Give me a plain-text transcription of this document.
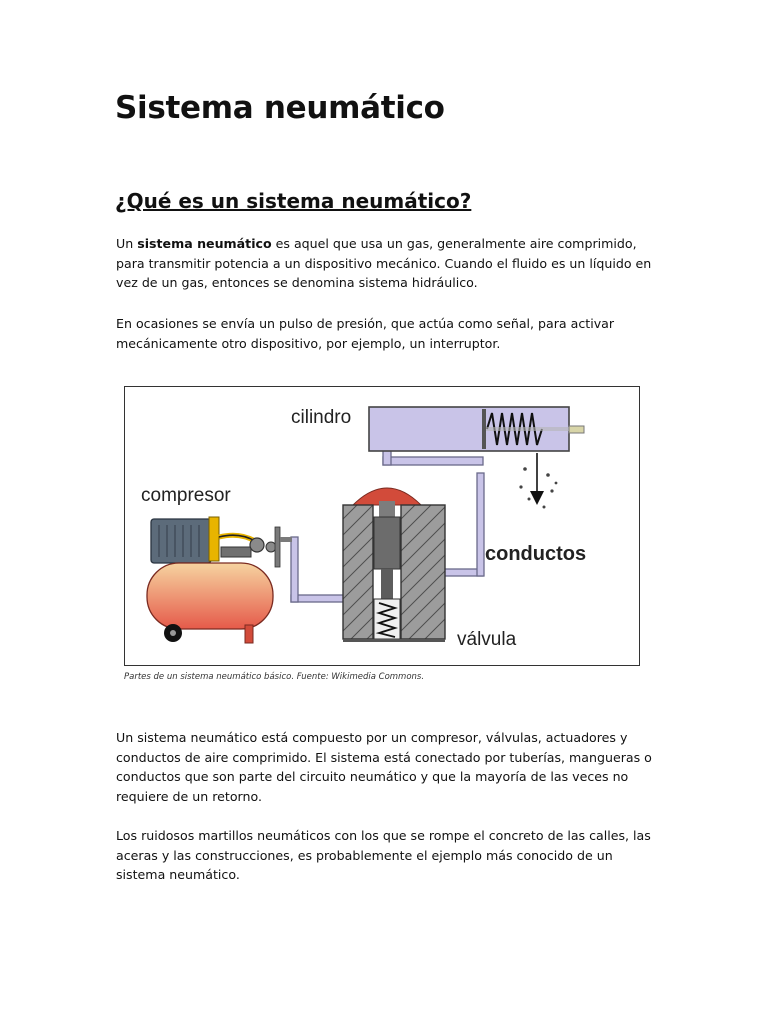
Sistema neumático
¿Qué es un sistema neumático?

Un sistema neumático es aquel que usa un gas, generalmente aire comprimido, para transmitir potencia a un dispositivo mecánico. Cuando el fluido es un líquido en vez de un gas, entonces se denomina sistema hidráulico.

En ocasiones se envía un pulso de presión, que actúa como señal, para activar mecánicamente otro dispositivo, por ejemplo, un interruptor.

cilindro
conductos
válvula
compresor

Partes de un sistema neumático básico. Fuente: Wikimedia Commons.

Un sistema neumático está compuesto por un compresor, válvulas, actuadores y conductos de aire comprimido. El sistema está conectado por tuberías, mangueras o conductos que son parte del circuito neumático y que la mayoría de las veces no requiere de un retorno.

Los ruidosos martillos neumáticos con los que se rompe el concreto de las calles, las aceras y las construcciones, es probablemente el ejemplo más conocido de un sistema neumático.
